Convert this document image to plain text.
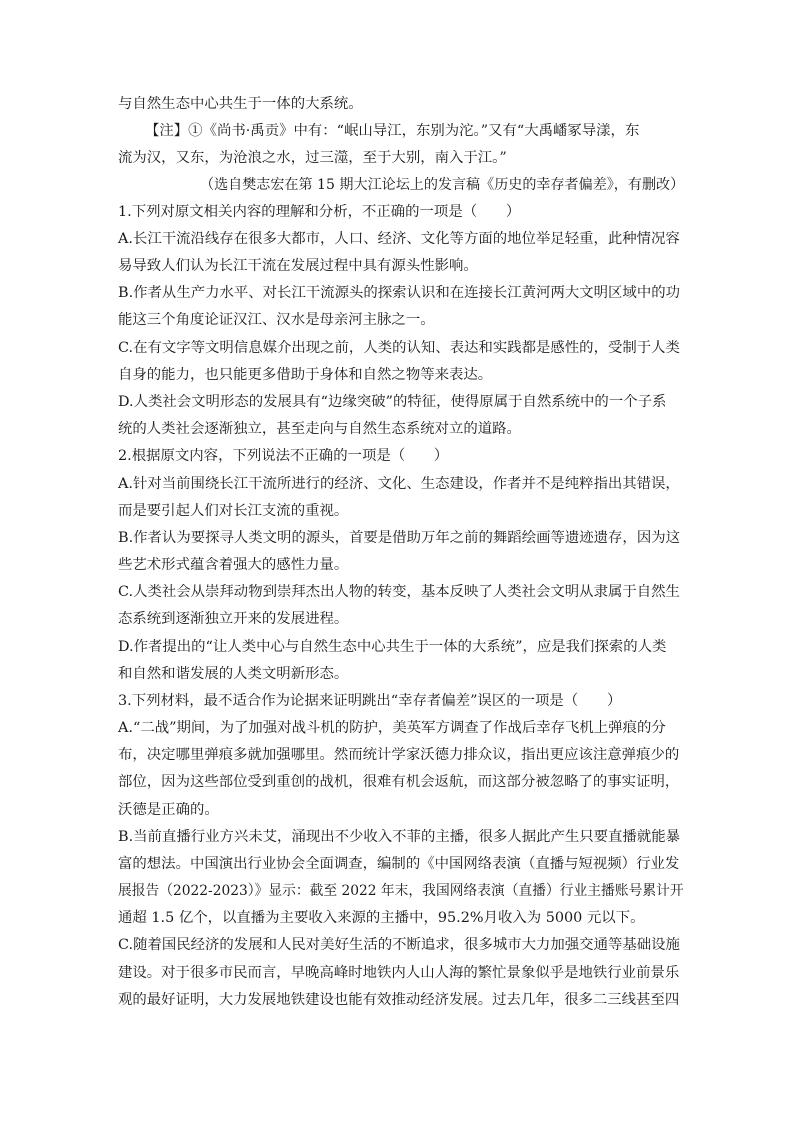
与自然生态中心共生于一体的大系统。
【注】①《尚书·禹贡》中有：“岷山导江，东别为沱。”又有“大禹嶓冢导漾，东
流为汉，又东，为沧浪之水，过三澨，至于大别，南入于江。”
（选自樊志宏在第 15 期大江论坛上的发言稿《历史的幸存者偏差》，有删改）
1.下列对原文相关内容的理解和分析，不正确的一项是（　　）
A.长江干流沿线存在很多大都市，人口、经济、文化等方面的地位举足轻重，此种情况容
易导致人们认为长江干流在发展过程中具有源头性影响。
B.作者从生产力水平、对长江干流源头的探索认识和在连接长江黄河两大文明区域中的功
能这三个角度论证汉江、汉水是母亲河主脉之一。
C.在有文字等文明信息媒介出现之前，人类的认知、表达和实践都是感性的，受制于人类
自身的能力，也只能更多借助于身体和自然之物等来表达。
D.人类社会文明形态的发展具有“边缘突破”的特征，使得原属于自然系统中的一个子系
统的人类社会逐渐独立，甚至走向与自然生态系统对立的道路。
2.根据原文内容，下列说法不正确的一项是（　　）
A.针对当前围绕长江干流所进行的经济、文化、生态建设，作者并不是纯粹指出其错误，
而是要引起人们对长江支流的重视。
B.作者认为要探寻人类文明的源头，首要是借助万年之前的舞蹈绘画等遗迹遗存，因为这
些艺术形式蕴含着强大的感性力量。
C.人类社会从崇拜动物到崇拜杰出人物的转变，基本反映了人类社会文明从隶属于自然生
态系统到逐渐独立开来的发展进程。
D.作者提出的“让人类中心与自然生态中心共生于一体的大系统”，应是我们探索的人类
和自然和谐发展的人类文明新形态。
3.下列材料，最不适合作为论据来证明跳出“幸存者偏差”误区的一项是（　　）
A.“二战”期间，为了加强对战斗机的防护，美英军方调查了作战后幸存飞机上弹痕的分
布，决定哪里弹痕多就加强哪里。然而统计学家沃德力排众议，指出更应该注意弹痕少的
部位，因为这些部位受到重创的战机，很难有机会返航，而这部分被忽略了的事实证明，
沃德是正确的。
B.当前直播行业方兴未艾，涌现出不少收入不菲的主播，很多人据此产生只要直播就能暴
富的想法。中国演出行业协会全面调查，编制的《中国网络表演（直播与短视频）行业发
展报告（2022-2023）》显示：截至 2022 年末，我国网络表演（直播）行业主播账号累计开
通超 1.5 亿个，以直播为主要收入来源的主播中，95.2%月收入为 5000 元以下。
C.随着国民经济的发展和人民对美好生活的不断追求，很多城市大力加强交通等基础设施
建设。对于很多市民而言，早晚高峰时地铁内人山人海的繁忙景象似乎是地铁行业前景乐
观的最好证明，大力发展地铁建设也能有效推动经济发展。过去几年，很多二三线甚至四
